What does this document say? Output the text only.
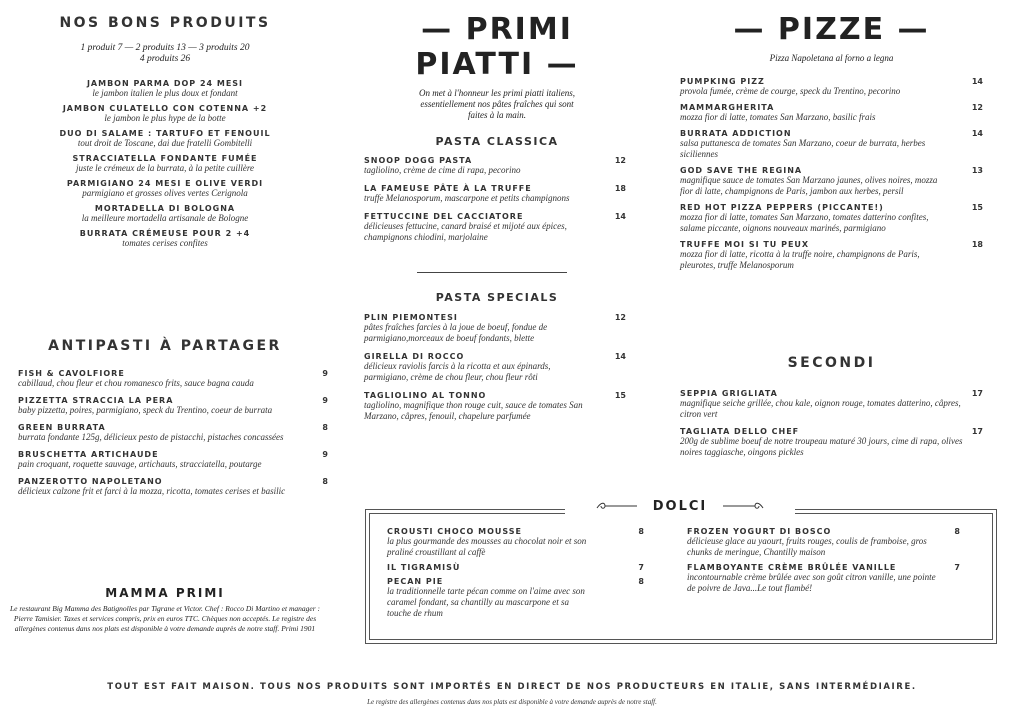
NOS BONS PRODUITS
1 produit 7 — 2 produits 13 — 3 produits 20
4 produits 26
JAMBON PARMA DOP 24 MESI
le jambon italien le plus doux et fondant
JAMBON CULATELLO CON COTENNA +2
le jambon le plus hype de la botte
DUO DI SALAME : TARTUFO ET FENOUIL
tout droit de Toscane, dai due fratelli Gombitelli
STRACCIATELLA FONDANTE FUMÉE
juste le crémeux de la burrata, à la petite cuillère
PARMIGIANO 24 MESI E OLIVE VERDI
parmigiano et grosses olives vertes Cerignola
MORTADELLA DI BOLOGNA
la meilleure mortadella artisanale de Bologne
BURRATA CRÉMEUSE POUR 2 +4
tomates cerises confites
ANTIPASTI À PARTAGER
FISH & CAVOLFIORE	9
cabillaud, chou fleur et chou romanesco frits, sauce bagna cauda
PIZZETTA STRACCIA LA PERA	9
baby pizzetta, poires, parmigiano, speck du Trentino, coeur de burrata
GREEN BURRATA	8
burrata fondante 125g, délicieux pesto de pistacchi, pistaches concassées
BRUSCHETTA ARTICHAUDE	9
pain croquant, roquette sauvage, artichauts, stracciatella, poutarge
PANZEROTTO NAPOLETANO	8
délicieux calzone frit et farci à la mozza, ricotta, tomates cerises et basilic
MAMMA PRIMI
Le restaurant Big Mamma des Batignolles par Tigrane et Victor. Chef : Rocco Di Martino et manager : Pierre Tamisier. Taxes et services compris, prix en euros TTC. Chèques non acceptés. Le registre des allergènes contenus dans nos plats est disponible à votre demande auprès de notre staff. Primi 1901
— PRIMI PIATTI —
On met à l'honneur les primi piatti italiens, essentiellement nos pâtes fraîches qui sont faites à la main.
PASTA CLASSICA
SNOOP DOGG PASTA	12
tagliolino, crème de cime di rapa, pecorino
LA FAMEUSE PÂTE À LA TRUFFE	18
truffe Melanosporum, mascarpone et petits champignons
FETTUCCINE DEL CACCIATORE	14
délicieuses fettucine, canard braisé et mijoté aux épices, champignons chiodini, marjolaine
PASTA SPECIALS
PLIN PIEMONTESI	12
pâtes fraîches farcies à la joue de boeuf, fondue de parmigiano,morceaux de boeuf fondants, blette
GIRELLA DI ROCCO	14
délicieux raviolis farcis à la ricotta et aux épinards, parmigiano, crème de chou fleur, chou fleur rôti
TAGLIOLINO AL TONNO	15
tagliolino, magnifique thon rouge cuit, sauce de tomates San Marzano, câpres, fenouil, chapelure parfumée
— PIZZE —
Pizza Napoletana al forno a legna
PUMPKING PIZZ	14
provola fumée, crème de courge, speck du Trentino, pecorino
MAMMARGHERITA	12
mozza fior di latte, tomates San Marzano, basilic frais
BURRATA ADDICTION	14
salsa puttanesca de tomates San Marzano, coeur de burrata, herbes siciliennes
GOD SAVE THE REGINA	13
magnifique sauce de tomates San Marzano jaunes, olives noires, mozza fior di latte, champignons de Paris, jambon aux herbes, persil
RED HOT PIZZA PEPPERS (PICCANTE!)	15
mozza fior di latte, tomates San Marzano, tomates datterino confites, salame piccante, oignons nouveaux marinés, parmigiano
TRUFFE MOI SI TU PEUX	18
mozza fior di latte, ricotta à la truffe noire, champignons de Paris, pleurotes, truffe Melanosporum
SECONDI
SEPPIA GRIGLIATA	17
magnifique seiche grillée, chou kale, oignon rouge, tomates datterino, câpres, citron vert
TAGLIATA DELLO CHEF	17
200g de sublime boeuf de notre troupeau maturé 30 jours, cime di rapa, olives noires taggiasche, oingons pickles
DOLCI
CROUSTI CHOCO MOUSSE	8
la plus gourmande des mousses au chocolat noir et son praliné croustillant al caffè
IL TIGRAMISÙ	7
PECAN PIE	8
la traditionnelle tarte pécan comme on l'aime avec son caramel fondant, sa chantilly au mascarpone et sa touche de rhum
FROZEN YOGURT DI BOSCO	8
délicieuse glace au yaourt, fruits rouges, coulis de framboise, gros chunks de meringue, Chantilly maison
FLAMBOYANTE CRÈME BRÛLÉE VANILLE	7
incontournable crème brûlée avec son goût citron vanille, une pointe de poivre de Java...Le tout flambé!
TOUT EST FAIT MAISON. TOUS NOS PRODUITS SONT IMPORTÉS EN DIRECT DE NOS PRODUCTEURS EN ITALIE, SANS INTERMÉDIAIRE.
Le registre des allergènes contenus dans nos plats est disponible à votre demande auprès de notre staff.
